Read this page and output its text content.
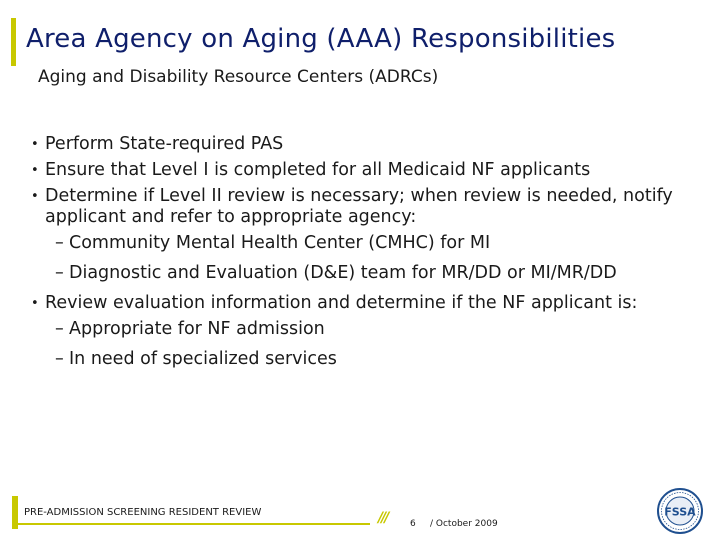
Area Agency on Aging (AAA) Responsibilities
Aging and Disability Resource Centers (ADRCs)
• Perform State-required PAS
• Ensure that Level I is completed for all Medicaid NF applicants
• Determine if Level II review is necessary; when review is needed, notify applicant and refer to appropriate agency:
– Community Mental Health Center (CMHC) for MI
– Diagnostic and Evaluation (D&E) team for MR/DD or MI/MR/DD
• Review evaluation information and determine if the NF applicant is:
– Appropriate for NF admission
– In need of specialized services
PRE-ADMISSION SCREENING RESIDENT REVIEW	///	6 / October 2009
FSSA
